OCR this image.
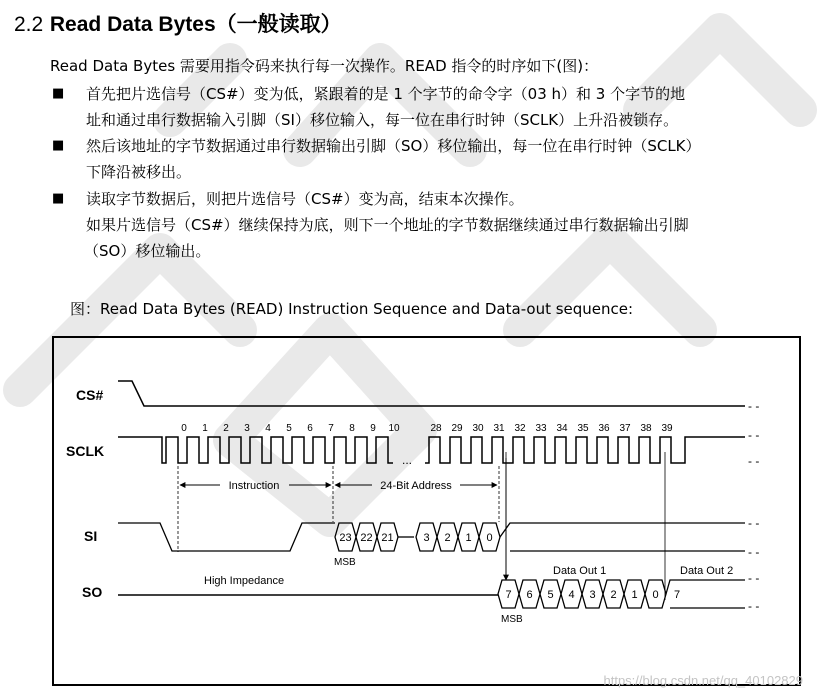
2.2 Read Data Bytes（一般读取）
Read Data Bytes 需要用指令码来执行每一次操作。READ 指令的时序如下(图)：
■ 首先把片选信号（CS#）变为低，紧跟着的是 1 个字节的命令字（03 h）和 3 个字节的地
址和通过串行数据输入引脚（SI）移位输入，每一位在串行时钟（SCLK）上升沿被锁存。
■ 然后该地址的字节数据通过串行数据输出引脚（SO）移位输出，每一位在串行时钟（SCLK）
下降沿被移出。
■ 读取字节数据后，则把片选信号（CS#）变为高，结束本次操作。
如果片选信号（CS#）继续保持为底，则下一个地址的字节数据继续通过串行数据输出引脚
（SO）移位输出。
图：Read Data Bytes (READ) Instruction Sequence and Data-out sequence:
CS#
SCLK
SI
SO
- -
...
- -
- -
0 1 2 3 4 5 6 7 8 9 10	28 29 30 31 32 33 34 35 36 37 38 39
Instruction	24-Bit Address
23 22 21	3 2 1 0
MSB
- -
- -
High Impedance
7 6 5 4 3 2 1 0 7
Data Out 1	Data Out 2
MSB
- -
- -
https://blog.csdn.net/qq_40102829
